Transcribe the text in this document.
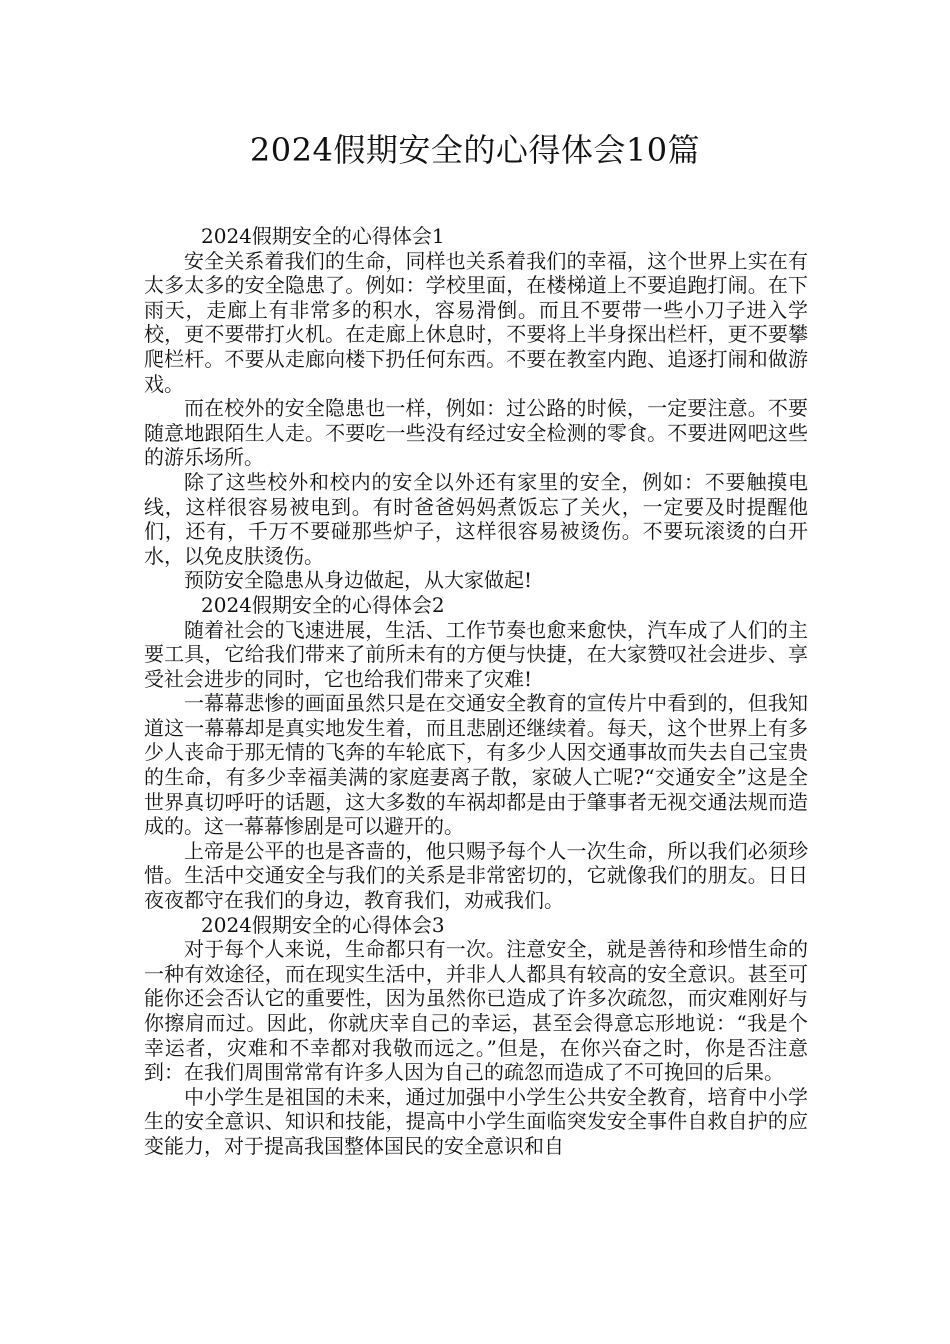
2024假期安全的心得体会10篇

2024假期安全的心得体会1

安全关系着我们的生命，同样也关系着我们的幸福，这个世界上实在有太多太多的安全隐患了。例如：学校里面，在楼梯道上不要追跑打闹。在下雨天，走廊上有非常多的积水，容易滑倒。而且不要带一些小刀子进入学校，更不要带打火机。在走廊上休息时，不要将上半身探出栏杆，更不要攀爬栏杆。不要从走廊向楼下扔任何东西。不要在教室内跑、追逐打闹和做游戏。

而在校外的安全隐患也一样，例如：过公路的时候，一定要注意。不要随意地跟陌生人走。不要吃一些没有经过安全检测的零食。不要进网吧这些的游乐场所。

除了这些校外和校内的安全以外还有家里的安全，例如：不要触摸电线，这样很容易被电到。有时爸爸妈妈煮饭忘了关火，一定要及时提醒他们，还有，千万不要碰那些炉子，这样很容易被烫伤。不要玩滚烫的白开水，以免皮肤烫伤。

预防安全隐患从身边做起，从大家做起!

2024假期安全的心得体会2

随着社会的飞速进展，生活、工作节奏也愈来愈快，汽车成了人们的主要工具，它给我们带来了前所未有的方便与快捷，在大家赞叹社会进步、享受社会进步的同时，它也给我们带来了灾难!

一幕幕悲惨的画面虽然只是在交通安全教育的宣传片中看到的，但我知道这一幕幕却是真实地发生着，而且悲剧还继续着。每天，这个世界上有多少人丧命于那无情的飞奔的车轮底下，有多少人因交通事故而失去自己宝贵的生命，有多少幸福美满的家庭妻离子散，家破人亡呢?“交通安全”这是全世界真切呼吁的话题，这大多数的车祸却都是由于肇事者无视交通法规而造成的。这一幕幕惨剧是可以避开的。

上帝是公平的也是吝啬的，他只赐予每个人一次生命，所以我们必须珍惜。生活中交通安全与我们的关系是非常密切的，它就像我们的朋友。日日夜夜都守在我们的身边，教育我们，劝戒我们。

2024假期安全的心得体会3

对于每个人来说，生命都只有一次。注意安全，就是善待和珍惜生命的一种有效途径，而在现实生活中，并非人人都具有较高的安全意识。甚至可能你还会否认它的重要性，因为虽然你已造成了许多次疏忽，而灾难刚好与你擦肩而过。因此，你就庆幸自己的幸运，甚至会得意忘形地说：“我是个幸运者，灾难和不幸都对我敬而远之。”但是，在你兴奋之时，你是否注意到：在我们周围常常有许多人因为自己的疏忽而造成了不可挽回的后果。

中小学生是祖国的未来，通过加强中小学生公共安全教育，培育中小学生的安全意识、知识和技能，提高中小学生面临突发安全事件自救自护的应变能力，对于提高我国整体国民的安全意识和自
